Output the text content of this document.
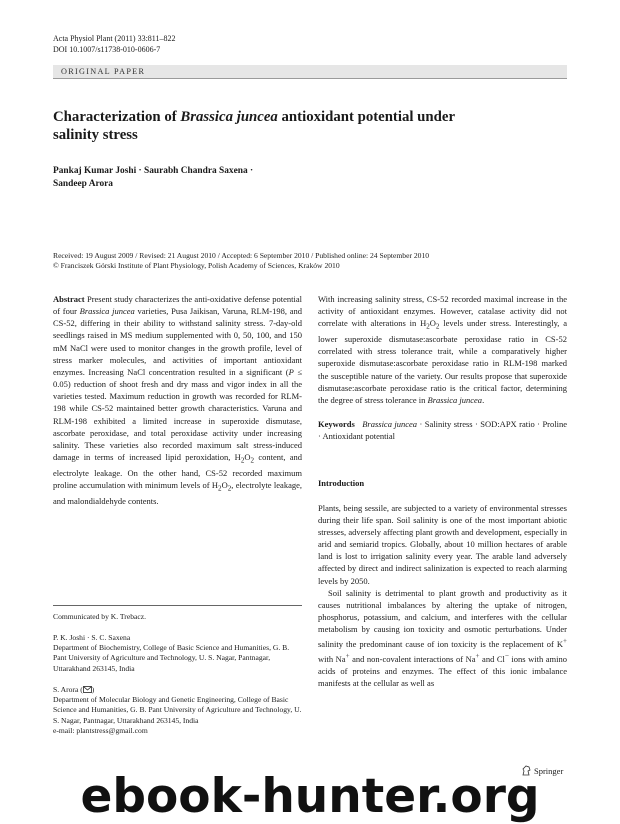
Acta Physiol Plant (2011) 33:811–822
DOI 10.1007/s11738-010-0606-7
ORIGINAL PAPER
Characterization of Brassica juncea antioxidant potential under salinity stress
Pankaj Kumar Joshi · Saurabh Chandra Saxena ·
Sandeep Arora
Received: 19 August 2009 / Revised: 21 August 2010 / Accepted: 6 September 2010 / Published online: 24 September 2010
© Franciszek Górski Institute of Plant Physiology, Polish Academy of Sciences, Kraków 2010

Abstract Present study characterizes the anti-oxidative defense potential of four Brassica juncea varieties, Pusa Jaikisan, Varuna, RLM-198, and CS-52, differing in their ability to withstand salinity stress. 7-day-old seedlings raised in MS medium supplemented with 0, 50, 100, and 150 mM NaCl were used to monitor changes in the growth profile, level of stress marker molecules, and activities of important antioxidant enzymes. Increasing NaCl concentration resulted in a significant (P ≤ 0.05) reduction of shoot fresh and dry mass and vigor index in all the varieties tested. Maximum reduction in growth was recorded for RLM-198 while CS-52 maintained better growth characteristics. Varuna and RLM-198 exhibited a limited increase in superoxide dismutase, ascorbate peroxidase, and total peroxidase activity under increasing salinity. These varieties also recorded maximum salt stress-induced damage in terms of increased lipid peroxidation, $H_2O_2$ content, and electrolyte leakage. On the other hand, CS-52 recorded maximum proline accumulation with minimum levels of $H_2O_2$, electrolyte leakage, and malondialdehyde contents.

Communicated by K. Trebacz.
P. K. Joshi · S. C. Saxena
Department of Biochemistry, College of Basic Science and Humanities, G. B. Pant University of Agriculture and Technology, U. S. Nagar, Pantnagar, Uttarakhand 263145, India
S. Arora ( )
Department of Molecular Biology and Genetic Engineering, College of Basic Science and Humanities, G. B. Pant University of Agriculture and Technology, U. S. Nagar, Pantnagar, Uttarakhand 263145, India
e-mail: plantstress@gmail.com

With increasing salinity stress, CS-52 recorded maximal increase in the activity of antioxidant enzymes. However, catalase activity did not correlate with alterations in $H_2O_2$ levels under stress. Interestingly, a lower superoxide dismutase:ascorbate peroxidase ratio in CS-52 correlated with stress tolerance trait, while a comparatively higher superoxide dismutase:ascorbate peroxidase ratio in RLM-198 marked the susceptible nature of the variety. Our results propose that superoxide dismutase:ascorbate peroxidase ratio is the critical factor, determining the degree of stress tolerance in Brassica juncea.

Keywords Brassica juncea · Salinity stress · SOD:APX ratio · Proline · Antioxidant potential

Introduction

Plants, being sessile, are subjected to a variety of environmental stresses during their life span. Soil salinity is one of the most important abiotic stresses, adversely affecting plant growth and development, especially in arid and semiarid tropics. Globally, about 10 million hectares of arable land is lost to irrigation salinity every year. The arable land adversely affected by direct and indirect salinization is expected to reach alarming levels by 2050.

Soil salinity is detrimental to plant growth and productivity as it causes nutritional imbalances by altering the uptake of nitrogen, phosphorus, potassium, and calcium, and interferes with the cellular metabolism by causing ion toxicity and osmotic perturbations. Under salinity the predominant cause of ion toxicity is the replacement of K+ with Na+ and non-covalent interactions of Na+ and Cl− ions with amino acids of proteins and enzymes. The effect of this ionic imbalance manifests at the cellular as well as

Springer
ebook-hunter.org
